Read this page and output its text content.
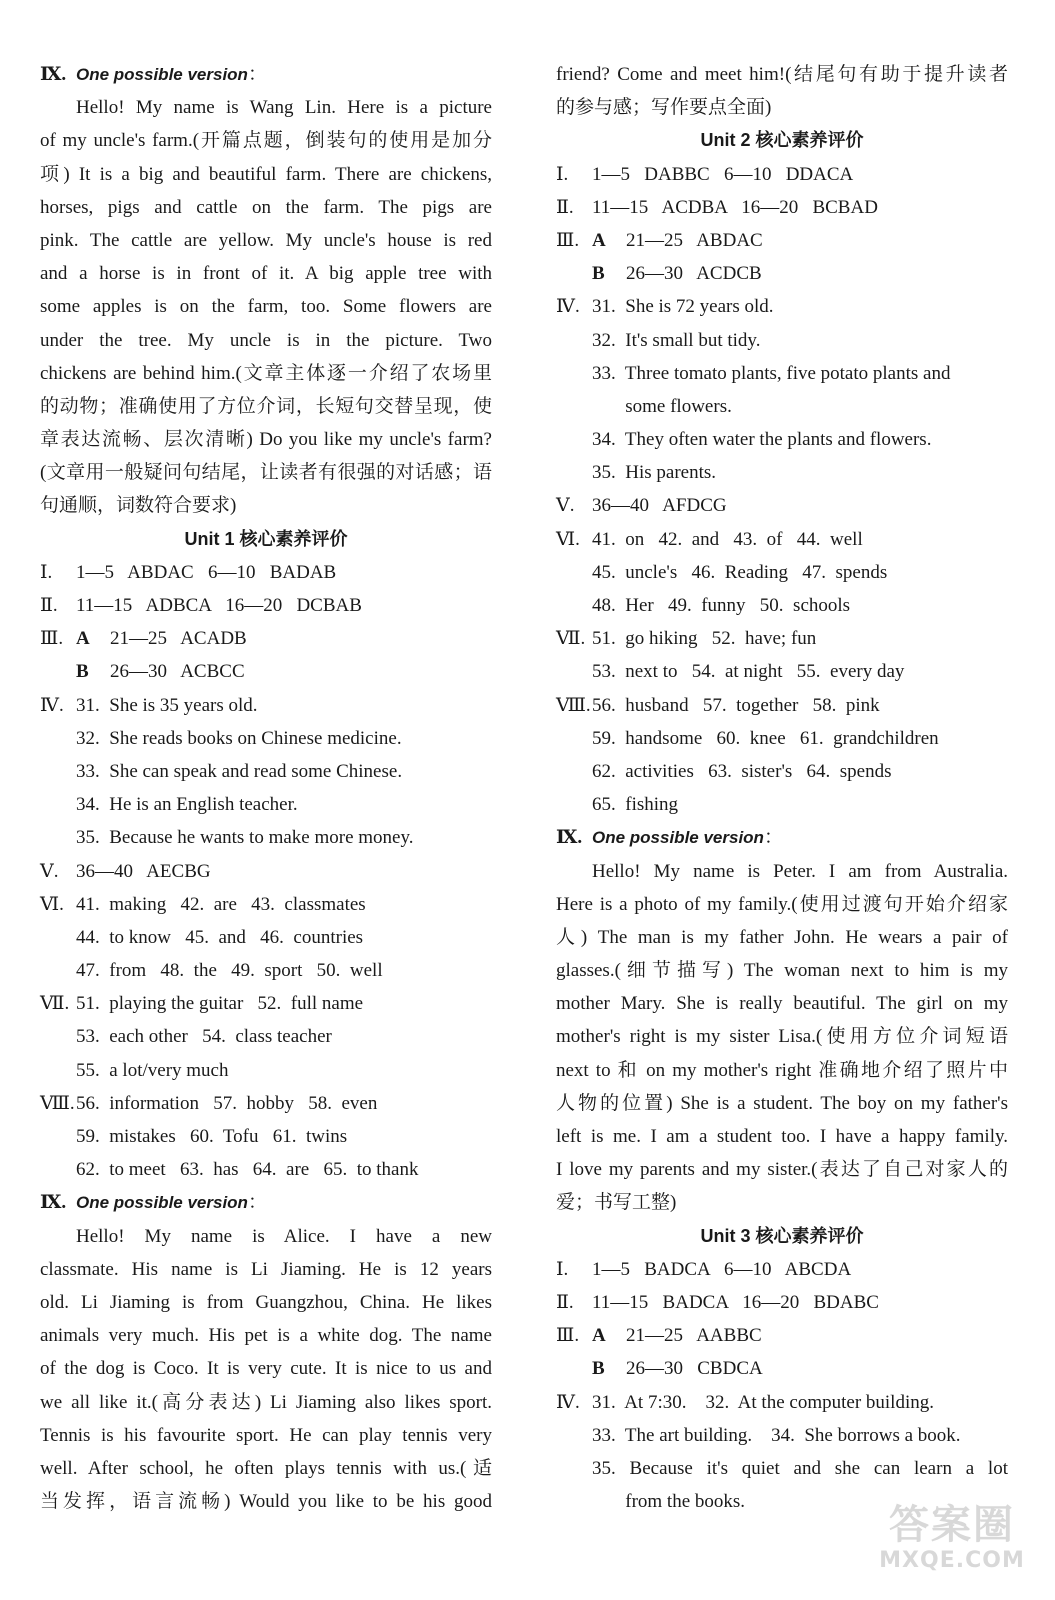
Ⅸ. One possible version：
Hello! My name is Wang Lin. Here is a picture
of my uncle's farm.(开篇点题，倒装句的使用是加分
项) It is a big and beautiful farm. There are chickens,
horses, pigs and cattle on the farm. The pigs are
pink. The cattle are yellow. My uncle's house is red
and a horse is in front of it. A big apple tree with
some apples is on the farm, too. Some flowers are
under the tree. My uncle is in the picture. Two
chickens are behind him.(文章主体逐一介绍了农场里
的动物；准确使用了方位介词，长短句交替呈现，使
章表达流畅、层次清晰) Do you like my uncle's farm?
(文章用一般疑问句结尾，让读者有很强的对话感；语
句通顺，词数符合要求)
Unit 1 核心素养评价
Ⅰ. 1—5   ABDAC   6—10   BADAB
Ⅱ. 11—15   ADBCA   16—20   DCBAB
Ⅲ. A 21—25   ACADB
B 26—30   ACBCC
Ⅳ. 31.  She is 35 years old.
32.  She reads books on Chinese medicine.
33.  She can speak and read some Chinese.
34.  He is an English teacher.
35.  Because he wants to make more money.
Ⅴ. 36—40   AECBG
Ⅵ. 41.  making   42.  are   43.  classmates
44.  to know   45.  and   46.  countries
47.  from   48.  the   49.  sport   50.  well
Ⅶ. 51.  playing the guitar   52.  full name
53.  each other   54.  class teacher
55.  a lot/very much
Ⅷ.56.  information   57.  hobby   58.  even
59.  mistakes   60.  Tofu   61.  twins
62.  to meet   63.  has   64.  are   65.  to thank
Ⅸ. One possible version：
Hello! My name is Alice. I have a new
classmate. His name is Li Jiaming. He is 12 years
old. Li Jiaming is from Guangzhou, China. He likes
animals very much. His pet is a white dog. The name
of the dog is Coco. It is very cute. It is nice to us and
we all like it.(高分表达) Li Jiaming also likes sport.
Tennis is his favourite sport. He can play tennis very
well. After school, he often plays tennis with us.(适
当发挥，语言流畅) Would you like to be his good
friend? Come and meet him!(结尾句有助于提升读者
的参与感；写作要点全面)
Unit 2 核心素养评价
Ⅰ. 1—5   DABBC   6—10   DDACA
Ⅱ. 11—15   ACDBA   16—20   BCBAD
Ⅲ. A 21—25   ABDAC
B 26—30   ACDCB
Ⅳ. 31.  She is 72 years old.
32.  It's small but tidy.
33.  Three tomato plants, five potato plants and
some flowers.
34.  They often water the plants and flowers.
35.  His parents.
Ⅴ. 36—40   AFDCG
Ⅵ. 41.  on   42.  and   43.  of   44.  well
45.  uncle's   46.  Reading   47.  spends
48.  Her   49.  funny   50.  schools
Ⅶ. 51.  go hiking   52.  have; fun
53.  next to   54.  at night   55.  every day
Ⅷ.56.  husband   57.  together   58.  pink
59.  handsome   60.  knee   61.  grandchildren
62.  activities   63.  sister's   64.  spends
65.  fishing
Ⅸ. One possible version：
Hello! My name is Peter. I am from Australia.
Here is a photo of my family.(使用过渡句开始介绍家
人) The man is my father John. He wears a pair of
glasses.(细节描写) The woman next to him is my
mother Mary. She is really beautiful. The girl on my
mother's right is my sister Lisa.(使用方位介词短语
next to 和 on my mother's right 准确地介绍了照片中
人物的位置) She is a student. The boy on my father's
left is me. I am a student too. I have a happy family.
I love my parents and my sister.(表达了自己对家人的
爱；书写工整)
Unit 3 核心素养评价
Ⅰ. 1—5   BADCA   6—10   ABCDA
Ⅱ. 11—15   BADCA   16—20   BDABC
Ⅲ. A 21—25   AABBC
B 26—30   CBDCA
Ⅳ. 31.  At 7:30.    32.  At the computer building.
33.  The art building.    34.  She borrows a book.
35. Because it's quiet and she can learn a lot
from the books.
答案圈
MXQE.COM
